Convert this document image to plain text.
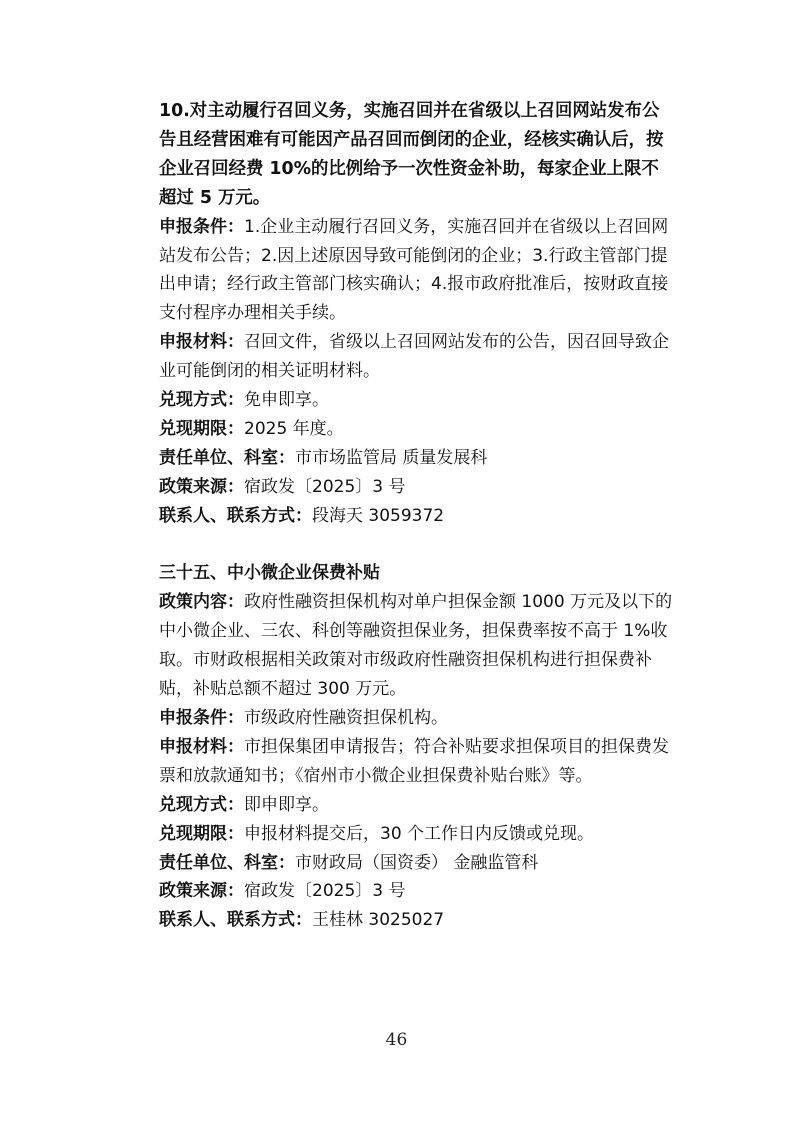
10.对主动履行召回义务，实施召回并在省级以上召回网站发布公告且经营困难有可能因产品召回而倒闭的企业，经核实确认后，按企业召回经费 10%的比例给予一次性资金补助，每家企业上限不超过 5 万元。

申报条件：1.企业主动履行召回义务，实施召回并在省级以上召回网站发布公告；2.因上述原因导致可能倒闭的企业；3.行政主管部门提出申请；经行政主管部门核实确认；4.报市政府批准后，按财政直接支付程序办理相关手续。

申报材料：召回文件，省级以上召回网站发布的公告，因召回导致企业可能倒闭的相关证明材料。

兑现方式：免申即享。

兑现期限：2025 年度。

责任单位、科室：市市场监管局 质量发展科

政策来源：宿政发〔2025〕3 号

联系人、联系方式：段海天 3059372

三十五、中小微企业保费补贴

政策内容：政府性融资担保机构对单户担保金额 1000 万元及以下的中小微企业、三农、科创等融资担保业务，担保费率按不高于 1%收取。市财政根据相关政策对市级政府性融资担保机构进行担保费补贴，补贴总额不超过 300 万元。

申报条件：市级政府性融资担保机构。

申报材料：市担保集团申请报告；符合补贴要求担保项目的担保费发票和放款通知书；《宿州市小微企业担保费补贴台账》等。

兑现方式：即申即享。

兑现期限：申报材料提交后，30 个工作日内反馈或兑现。

责任单位、科室：市财政局（国资委） 金融监管科

政策来源：宿政发〔2025〕3 号

联系人、联系方式：王桂林 3025027

46
